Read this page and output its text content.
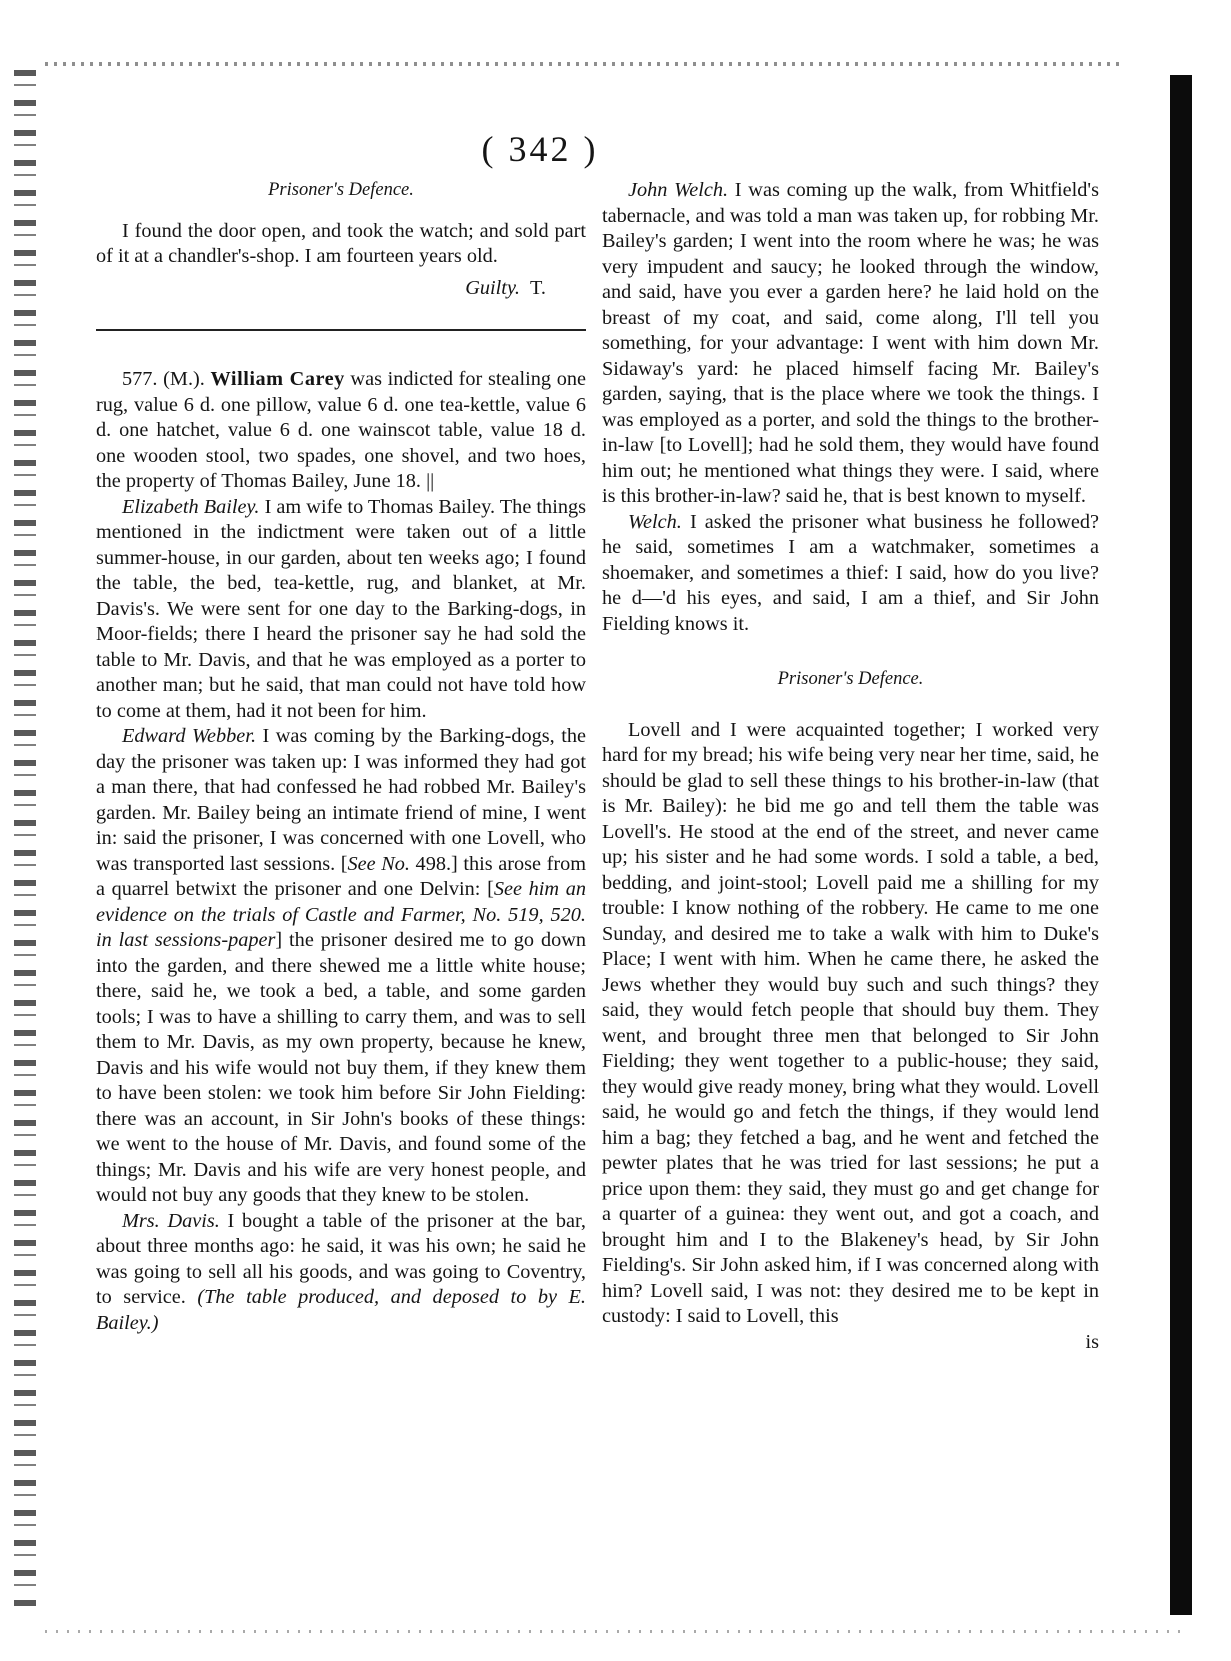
( 342 )

Prisoner's Defence.

I found the door open, and took the watch; and sold part of it at a chandler's-shop. I am fourteen years old.

Guilty. T.

577. (M.). William Carey was indicted for stealing one rug, value 6 d. one pillow, value 6 d. one tea-kettle, value 6 d. one hatchet, value 6 d. one wainscot table, value 18 d. one wooden stool, two spades, one shovel, and two hoes, the property of Thomas Bailey, June 18. ||

Elizabeth Bailey. I am wife to Thomas Bailey. The things mentioned in the indictment were taken out of a little summer-house, in our garden, about ten weeks ago; I found the table, the bed, tea-kettle, rug, and blanket, at Mr. Davis's. We were sent for one day to the Barking-dogs, in Moor-fields; there I heard the prisoner say he had sold the table to Mr. Davis, and that he was employed as a porter to another man; but he said, that man could not have told how to come at them, had it not been for him.

Edward Webber. I was coming by the Barking-dogs, the day the prisoner was taken up: I was informed they had got a man there, that had confessed he had robbed Mr. Bailey's garden. Mr. Bailey being an intimate friend of mine, I went in: said the prisoner, I was concerned with one Lovell, who was transported last sessions. [See No. 498.] this arose from a quarrel betwixt the prisoner and one Delvin: [See him an evidence on the trials of Castle and Farmer, No. 519, 520. in last sessions-paper] the prisoner desired me to go down into the garden, and there shewed me a little white house; there, said he, we took a bed, a table, and some garden tools; I was to have a shilling to carry them, and was to sell them to Mr. Davis, as my own property, because he knew, Davis and his wife would not buy them, if they knew them to have been stolen: we took him before Sir John Fielding: there was an account, in Sir John's books of these things: we went to the house of Mr. Davis, and found some of the things; Mr. Davis and his wife are very honest people, and would not buy any goods that they knew to be stolen.

Mrs. Davis. I bought a table of the prisoner at the bar, about three months ago: he said, it was his own; he said he was going to sell all his goods, and was going to Coventry, to service. (The table produced, and deposed to by E. Bailey.)

John Welch. I was coming up the walk, from Whitfield's tabernacle, and was told a man was taken up, for robbing Mr. Bailey's garden; I went into the room where he was; he was very impudent and saucy; he looked through the window, and said, have you ever a garden here? he laid hold on the breast of my coat, and said, come along, I'll tell you something, for your advantage: I went with him down Mr. Sidaway's yard: he placed himself facing Mr. Bailey's garden, saying, that is the place where we took the things. I was employed as a porter, and sold the things to the brother-in-law [to Lovell]; had he sold them, they would have found him out; he mentioned what things they were. I said, where is this brother-in-law? said he, that is best known to myself.

Welch. I asked the prisoner what business he followed? he said, sometimes I am a watchmaker, sometimes a shoemaker, and sometimes a thief: I said, how do you live? he d—'d his eyes, and said, I am a thief, and Sir John Fielding knows it.

Prisoner's Defence.

Lovell and I were acquainted together; I worked very hard for my bread; his wife being very near her time, said, he should be glad to sell these things to his brother-in-law (that is Mr. Bailey): he bid me go and tell them the table was Lovell's. He stood at the end of the street, and never came up; his sister and he had some words. I sold a table, a bed, bedding, and joint-stool; Lovell paid me a shilling for my trouble: I know nothing of the robbery. He came to me one Sunday, and desired me to take a walk with him to Duke's Place; I went with him. When he came there, he asked the Jews whether they would buy such and such things? they said, they would fetch people that should buy them. They went, and brought three men that belonged to Sir John Fielding; they went together to a public-house; they said, they would give ready money, bring what they would. Lovell said, he would go and fetch the things, if they would lend him a bag; they fetched a bag, and he went and fetched the pewter plates that he was tried for last sessions; he put a price upon them: they said, they must go and get change for a quarter of a guinea: they went out, and got a coach, and brought him and I to the Blakeney's head, by Sir John Fielding's. Sir John asked him, if I was concerned along with him? Lovell said, I was not: they desired me to be kept in custody: I said to Lovell, this

is
